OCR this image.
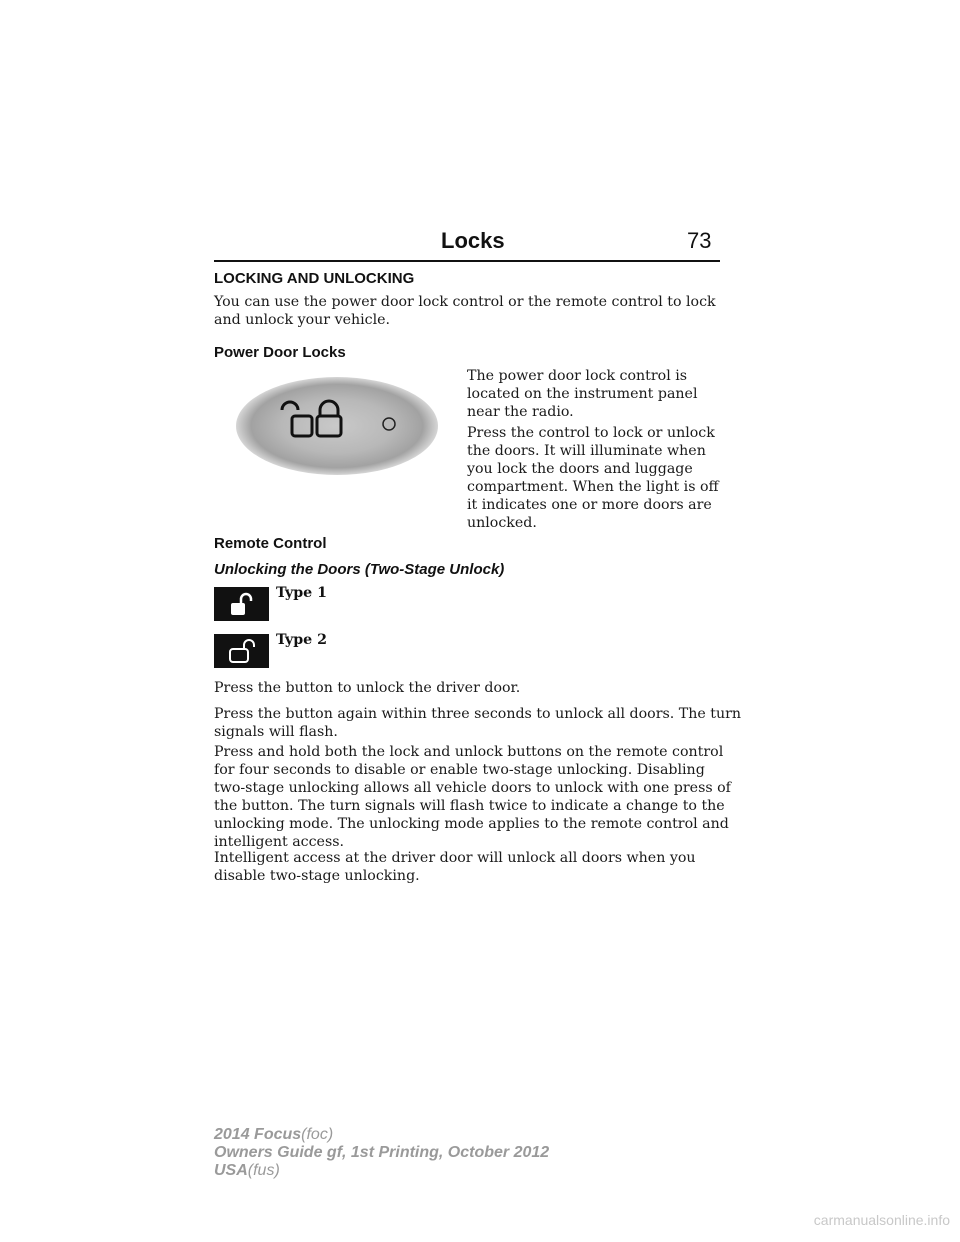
Locks	73
LOCKING AND UNLOCKING
You can use the power door lock control or the remote control to lock
and unlock your vehicle.
Power Door Locks
The power door lock control is
located on the instrument panel
near the radio.
Press the control to lock or unlock
the doors. It will illuminate when
you lock the doors and luggage
compartment. When the light is off
it indicates one or more doors are
unlocked.
Remote Control
Unlocking the Doors (Two-Stage Unlock)
Type 1
Type 2
Press the button to unlock the driver door.
Press the button again within three seconds to unlock all doors. The turn
signals will flash.
Press and hold both the lock and unlock buttons on the remote control
for four seconds to disable or enable two-stage unlocking. Disabling
two-stage unlocking allows all vehicle doors to unlock with one press of
the button. The turn signals will flash twice to indicate a change to the
unlocking mode. The unlocking mode applies to the remote control and
intelligent access.
Intelligent access at the driver door will unlock all doors when you
disable two-stage unlocking.
2014 Focus(foc)
Owners Guide gf, 1st Printing, October 2012
USA(fus)
carmanualsonline.info
